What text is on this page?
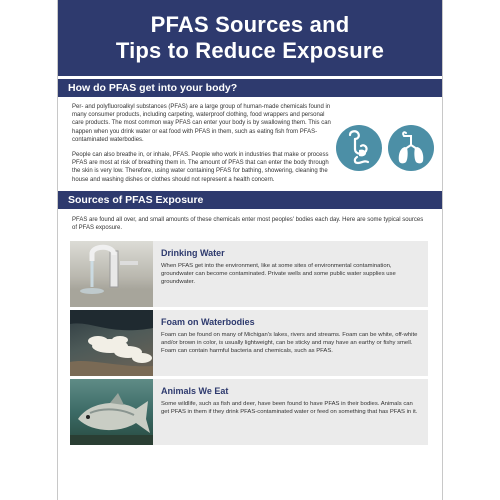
PFAS Sources and
Tips to Reduce Exposure
How do PFAS get into your body?

Per- and polyfluoroalkyl substances (PFAS) are a large group of human-made chemicals found in many consumer products, including carpeting, waterproof clothing, food wrappers and personal care products. The most common way PFAS can enter your body is by swallowing them. This can happen when you drink water or eat food with PFAS in them, such as eating fish from PFAS-contaminated waterbodies.

People can also breathe in, or inhale, PFAS. People who work in industries that make or process PFAS are most at risk of breathing them in. The amount of PFAS that can enter the body through the skin is very low. Therefore, using water containing PFAS for bathing, showering, cleaning the house and washing dishes or clothes should not represent a health concern.

Sources of PFAS Exposure

PFAS are found all over, and small amounts of these chemicals enter most peoples' bodies each day. Here are some typical sources of PFAS exposure.

Drinking Water
When PFAS get into the environment, like at some sites of environmental contamination, groundwater can become contaminated. Private wells and some public water supplies use groundwater.
Foam on Waterbodies
Foam can be found on many of Michigan's lakes, rivers and streams. Foam can be white, off-white and/or brown in color, is usually lightweight, can be sticky and may have an earthy or fishy smell. Foam can contain harmful bacteria and chemicals, such as PFAS.
Animals We Eat
Some wildlife, such as fish and deer, have been found to have PFAS in their bodies. Animals can get PFAS in them if they drink PFAS-contaminated water or feed on something that has PFAS in it.
